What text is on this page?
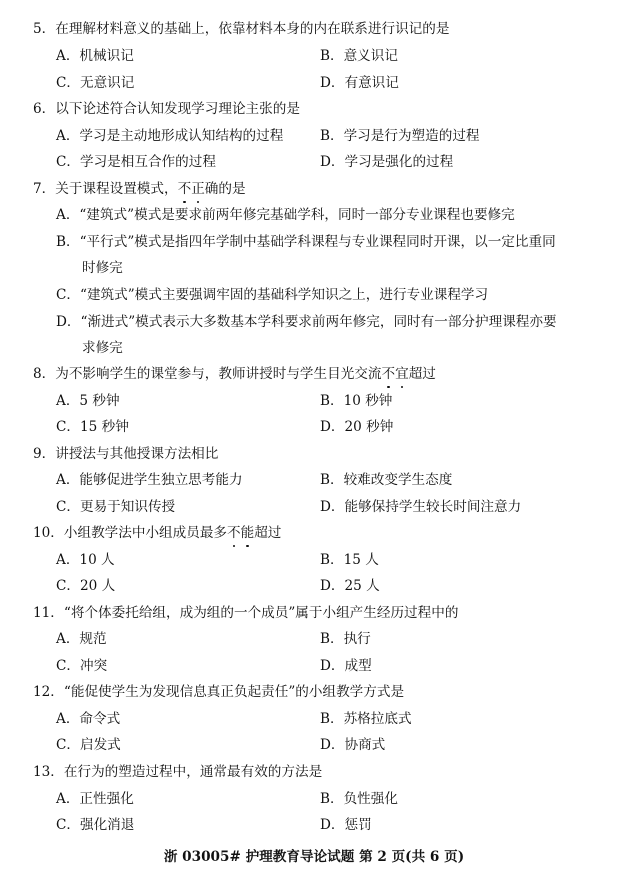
5．在理解材料意义的基础上，依靠材料本身的内在联系进行识记的是
A．机械识记	B．意义识记
C．无意识记	D．有意识记
6．以下论述符合认知发现学习理论主张的是
A．学习是主动地形成认知结构的过程	B．学习是行为塑造的过程
C．学习是相互合作的过程	D．学习是强化的过程
7．关于课程设置模式，不正确的是
A．“建筑式”模式是要求前两年修完基础学科，同时一部分专业课程也要修完
B．“平行式”模式是指四年学制中基础学科课程与专业课程同时开课，以一定比重同
时修完
C．“建筑式”模式主要强调牢固的基础科学知识之上，进行专业课程学习
D．“渐进式”模式表示大多数基本学科要求前两年修完，同时有一部分护理课程亦要
求修完
8．为不影响学生的课堂参与，教师讲授时与学生目光交流不宜超过
A．5 秒钟	B．10 秒钟
C．15 秒钟	D．20 秒钟
9．讲授法与其他授课方法相比
A．能够促进学生独立思考能力	B．较难改变学生态度
C．更易于知识传授	D．能够保持学生较长时间注意力
10．小组教学法中小组成员最多不能超过
A．10 人	B．15 人
C．20 人	D．25 人
11．“将个体委托给组，成为组的一个成员”属于小组产生经历过程中的
A．规范	B．执行
C．冲突	D．成型
12．“能促使学生为发现信息真正负起责任”的小组教学方式是
A．命令式	B．苏格拉底式
C．启发式	D．协商式
13．在行为的塑造过程中，通常最有效的方法是
A．正性强化	B．负性强化
C．强化消退	D．惩罚
浙 03005# 护理教育导论试题 第 2 页(共 6 页)
